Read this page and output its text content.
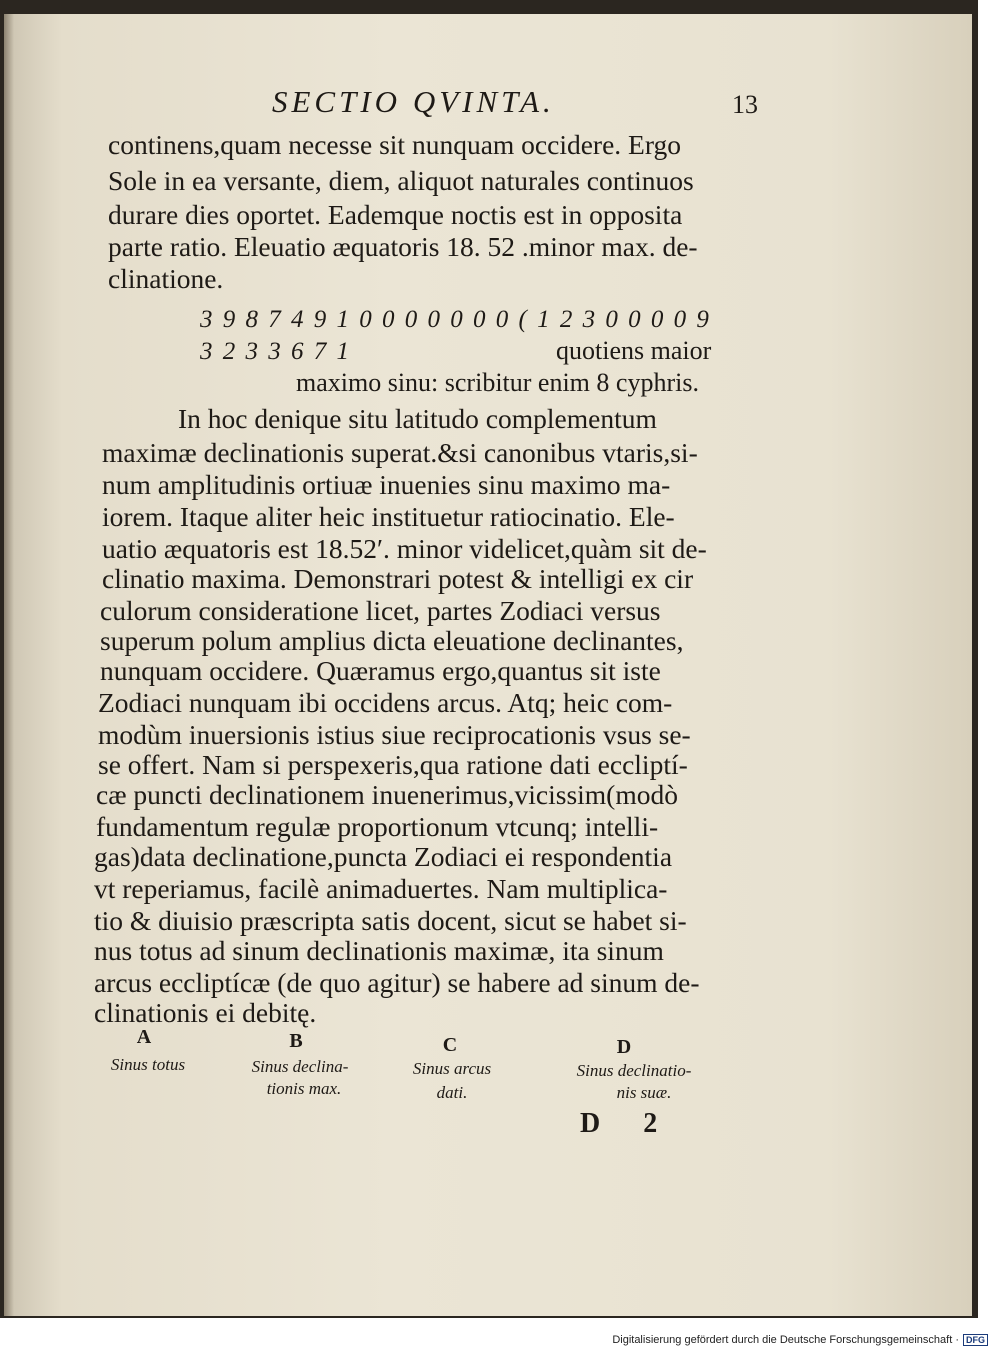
SECTIO QVINTA.	13
continens,quam necesse sit nunquam occidere. Ergo
Sole in ea versante, diem, aliquot naturales continuos
durare dies oportet. Eademque noctis est in opposita
parte ratio. Eleuatio æquatoris 18. 52 .minor max. de-
clinatione.
3 9 8 7 4 9 1 0 0 0 0 0 0 0 ( 1 2 3 0 0 0 0 9
3 2 3 3 6 7 1	quotiens maior
maximo sinu: scribitur enim 8 cyphris.
In hoc denique situ latitudo complementum
maximæ declinationis superat.&si canonibus vtaris,si-
num amplitudinis ortiuæ inuenies sinu maximo ma-
iorem. Itaque aliter heic instituetur ratiocinatio. Ele-
uatio æquatoris est 18.52′. minor videlicet,quàm sit de-
clinatio maxima. Demonstrari potest & intelligi ex cir
culorum consideratione licet, partes Zodiaci versus
superum polum amplius dicta eleuatione declinantes,
nunquam occidere. Quæramus ergo,quantus sit iste
Zodiaci nunquam ibi occidens arcus. Atq; heic com-
modùm inuersionis istius siue reciprocationis vsus se-
se offert. Nam si perspexeris,qua ratione dati eccliptí-
cæ puncti declinationem inuenerimus,vicissim(modò
fundamentum regulæ proportionum vtcunq; intelli-
gas)data declinatione,puncta Zodiaci ei respondentia
vt reperiamus, facilè animaduertes. Nam multiplica-
tio & diuisio præscripta satis docent, sicut se habet si-
nus totus ad sinum declinationis maximæ, ita sinum
arcus eccliptícæ (de quo agitur) se habere ad sinum de-
clinationis ei debitę.
A
Sinus totus
B
Sinus declina-
tionis max.
C
Sinus arcus
dati.
D
Sinus declinatio-
nis suæ.
D 2
Digitalisierung gefördert durch die Deutsche Forschungsgemeinschaft · DFG
